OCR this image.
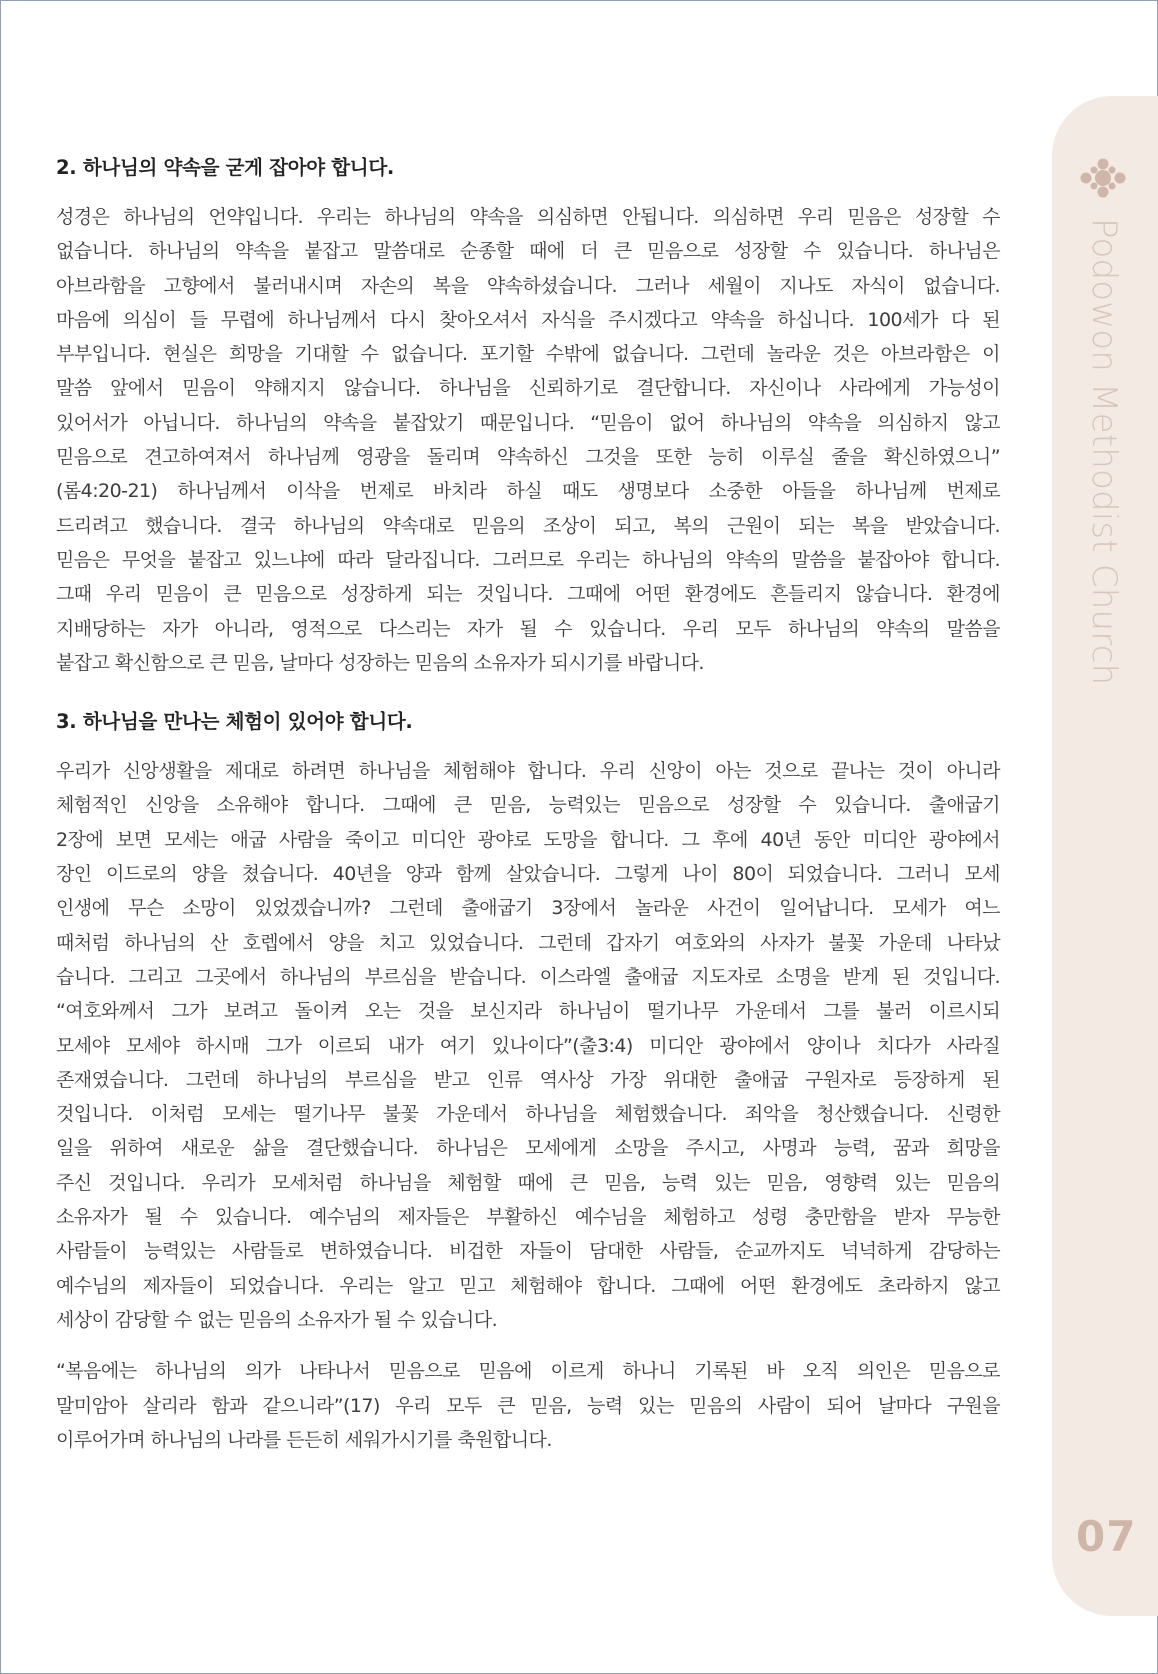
Podowon Methodist Church
07
2. 하나님의 약속을 굳게 잡아야 합니다.

성경은 하나님의 언약입니다. 우리는 하나님의 약속을 의심하면 안됩니다. 의심하면 우리 믿음은 성장할 수
없습니다. 하나님의 약속을 붙잡고 말씀대로 순종할 때에 더 큰 믿음으로 성장할 수 있습니다. 하나님은
아브라함을 고향에서 불러내시며 자손의 복을 약속하셨습니다. 그러나 세월이 지나도 자식이 없습니다.
마음에 의심이 들 무렵에 하나님께서 다시 찾아오셔서 자식을 주시겠다고 약속을 하십니다. 100세가 다 된
부부입니다. 현실은 희망을 기대할 수 없습니다. 포기할 수밖에 없습니다. 그런데 놀라운 것은 아브라함은 이
말씀 앞에서 믿음이 약해지지 않습니다. 하나님을 신뢰하기로 결단합니다. 자신이나 사라에게 가능성이
있어서가 아닙니다. 하나님의 약속을 붙잡았기 때문입니다. “믿음이 없어 하나님의 약속을 의심하지 않고
믿음으로 견고하여져서 하나님께 영광을 돌리며 약속하신 그것을 또한 능히 이루실 줄을 확신하였으니”
(롬4:20-21) 하나님께서 이삭을 번제로 바치라 하실 때도 생명보다 소중한 아들을 하나님께 번제로
드리려고 했습니다. 결국 하나님의 약속대로 믿음의 조상이 되고, 복의 근원이 되는 복을 받았습니다.
믿음은 무엇을 붙잡고 있느냐에 따라 달라집니다. 그러므로 우리는 하나님의 약속의 말씀을 붙잡아야 합니다.
그때 우리 믿음이 큰 믿음으로 성장하게 되는 것입니다. 그때에 어떤 환경에도 흔들리지 않습니다. 환경에
지배당하는 자가 아니라, 영적으로 다스리는 자가 될 수 있습니다. 우리 모두 하나님의 약속의 말씀을
붙잡고 확신함으로 큰 믿음, 날마다 성장하는 믿음의 소유자가 되시기를 바랍니다.

3. 하나님을 만나는 체험이 있어야 합니다.

우리가 신앙생활을 제대로 하려면 하나님을 체험해야 합니다. 우리 신앙이 아는 것으로 끝나는 것이 아니라
체험적인 신앙을 소유해야 합니다. 그때에 큰 믿음, 능력있는 믿음으로 성장할 수 있습니다. 출애굽기
2장에 보면 모세는 애굽 사람을 죽이고 미디안 광야로 도망을 합니다. 그 후에 40년 동안 미디안 광야에서
장인 이드로의 양을 쳤습니다. 40년을 양과 함께 살았습니다. 그렇게 나이 80이 되었습니다. 그러니 모세
인생에 무슨 소망이 있었겠습니까? 그런데 출애굽기 3장에서 놀라운 사건이 일어납니다. 모세가 여느
때처럼 하나님의 산 호렙에서 양을 치고 있었습니다. 그런데 갑자기 여호와의 사자가 불꽃 가운데 나타났
습니다. 그리고 그곳에서 하나님의 부르심을 받습니다. 이스라엘 출애굽 지도자로 소명을 받게 된 것입니다.
“여호와께서 그가 보려고 돌이켜 오는 것을 보신지라 하나님이 떨기나무 가운데서 그를 불러 이르시되
모세야 모세야 하시매 그가 이르되 내가 여기 있나이다”(출3:4) 미디안 광야에서 양이나 치다가 사라질
존재였습니다. 그런데 하나님의 부르심을 받고 인류 역사상 가장 위대한 출애굽 구원자로 등장하게 된
것입니다. 이처럼 모세는 떨기나무 불꽃 가운데서 하나님을 체험했습니다. 죄악을 청산했습니다. 신령한
일을 위하여 새로운 삶을 결단했습니다. 하나님은 모세에게 소망을 주시고, 사명과 능력, 꿈과 희망을
주신 것입니다. 우리가 모세처럼 하나님을 체험할 때에 큰 믿음, 능력 있는 믿음, 영향력 있는 믿음의
소유자가 될 수 있습니다. 예수님의 제자들은 부활하신 예수님을 체험하고 성령 충만함을 받자 무능한
사람들이 능력있는 사람들로 변하였습니다. 비겁한 자들이 담대한 사람들, 순교까지도 넉넉하게 감당하는
예수님의 제자들이 되었습니다. 우리는 알고 믿고 체험해야 합니다. 그때에 어떤 환경에도 초라하지 않고
세상이 감당할 수 없는 믿음의 소유자가 될 수 있습니다.

“복음에는 하나님의 의가 나타나서 믿음으로 믿음에 이르게 하나니 기록된 바 오직 의인은 믿음으로
말미암아 살리라 함과 같으니라”(17) 우리 모두 큰 믿음, 능력 있는 믿음의 사람이 되어 날마다 구원을
이루어가며 하나님의 나라를 든든히 세워가시기를 축원합니다.
